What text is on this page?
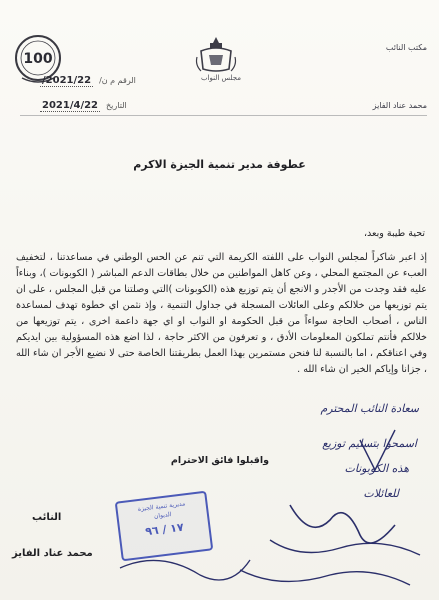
100
مجلس النواب
مكتب النائب
محمد عناد الفايز
الرقم م ن/
2021/22/
التاريخ
2021/4/22
عطوفة مدير تنمية الجيزة الاكرم
تحية طيبة وبعد،
إذ اعبر شاكراً لمجلس النواب على اللفته الكريمة التي تنم عن الحس الوطني في مساعدتنا ، لتخفيف العبء عن المجتمع المحلي ، وعن كاهل المواطنين من خلال بطاقات الدعم المباشر ( الكوبونات )، وبناءاً عليه فقد وجدت من الأجدر و الانجع أن يتم توزيع هذه (الكوبونات )التي وصلتنا من قبل المجلس ، على ان يتم توزيعها من خلالكم وعلى العائلات المسجلة في جداول التنمية ، وإذ نثمن اي خطوة تهدف لمساعدة الناس ، أصحاب الحاجة سواءاً من قبل الحكومة او النواب او اي جهة داعمة اخرى ، يتم توزيعها من خلالكم فأنتم تملكون المعلومات الأدق ، و تعرفون من الاكثر حاجة ، لذا اضع هذه المسؤولية بين ايديكم وفي اعناقكم ، اما بالنسبة لنا فنحن مستمرين بهذا العمل بطريقتنا الخاصة حتى لا نضيع الأجر ان شاء الله ، جزانا وإياكم الخير ان شاء الله .
واقبلوا فائق الاحترام
النائب
محمد عناد الفايز
مديرية تنمية الجيزة
الديوان
١٧ / ٩٦
سعادة النائب المحترم
اسمحوا بتسليم توزيع
هذه الكوبونات
للعائلات
